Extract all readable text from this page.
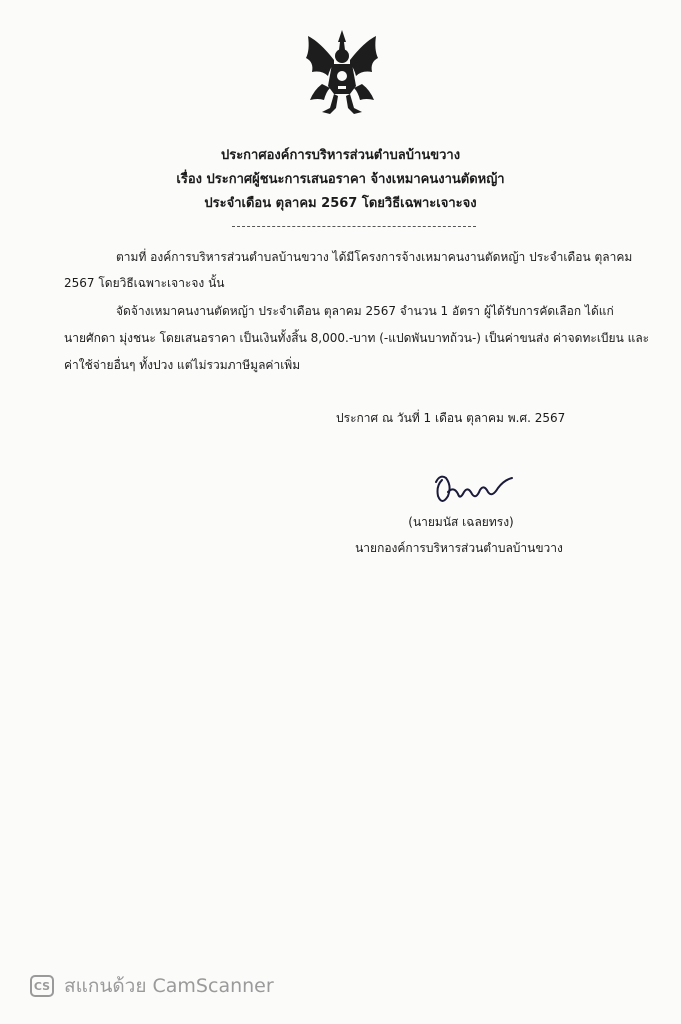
ประกาศองค์การบริหารส่วนตำบลบ้านขวาง
เรื่อง ประกาศผู้ชนะการเสนอราคา จ้างเหมาคนงานตัดหญ้า
ประจำเดือน ตุลาคม 2567 โดยวิธีเฉพาะเจาะจง
ตามที่ องค์การบริหารส่วนตำบลบ้านขวาง ได้มีโครงการจ้างเหมาคนงานตัดหญ้า ประจำเดือน ตุลาคม
2567 โดยวิธีเฉพาะเจาะจง นั้น
จัดจ้างเหมาคนงานตัดหญ้า ประจำเดือน ตุลาคม 2567 จำนวน 1 อัตรา ผู้ได้รับการคัดเลือก ได้แก่
นายศักดา มุ่งชนะ โดยเสนอราคา เป็นเงินทั้งสิ้น 8,000.-บาท (-แปดพันบาทถ้วน-) เป็นค่าขนส่ง ค่าจดทะเบียน และ
ค่าใช้จ่ายอื่นๆ ทั้งปวง แต่ไม่รวมภาษีมูลค่าเพิ่ม
ประกาศ ณ วันที่ 1 เดือน ตุลาคม พ.ศ. 2567
(นายมนัส เฉลยทรง)
นายกองค์การบริหารส่วนตำบลบ้านขวาง
CS สแกนด้วย CamScanner
